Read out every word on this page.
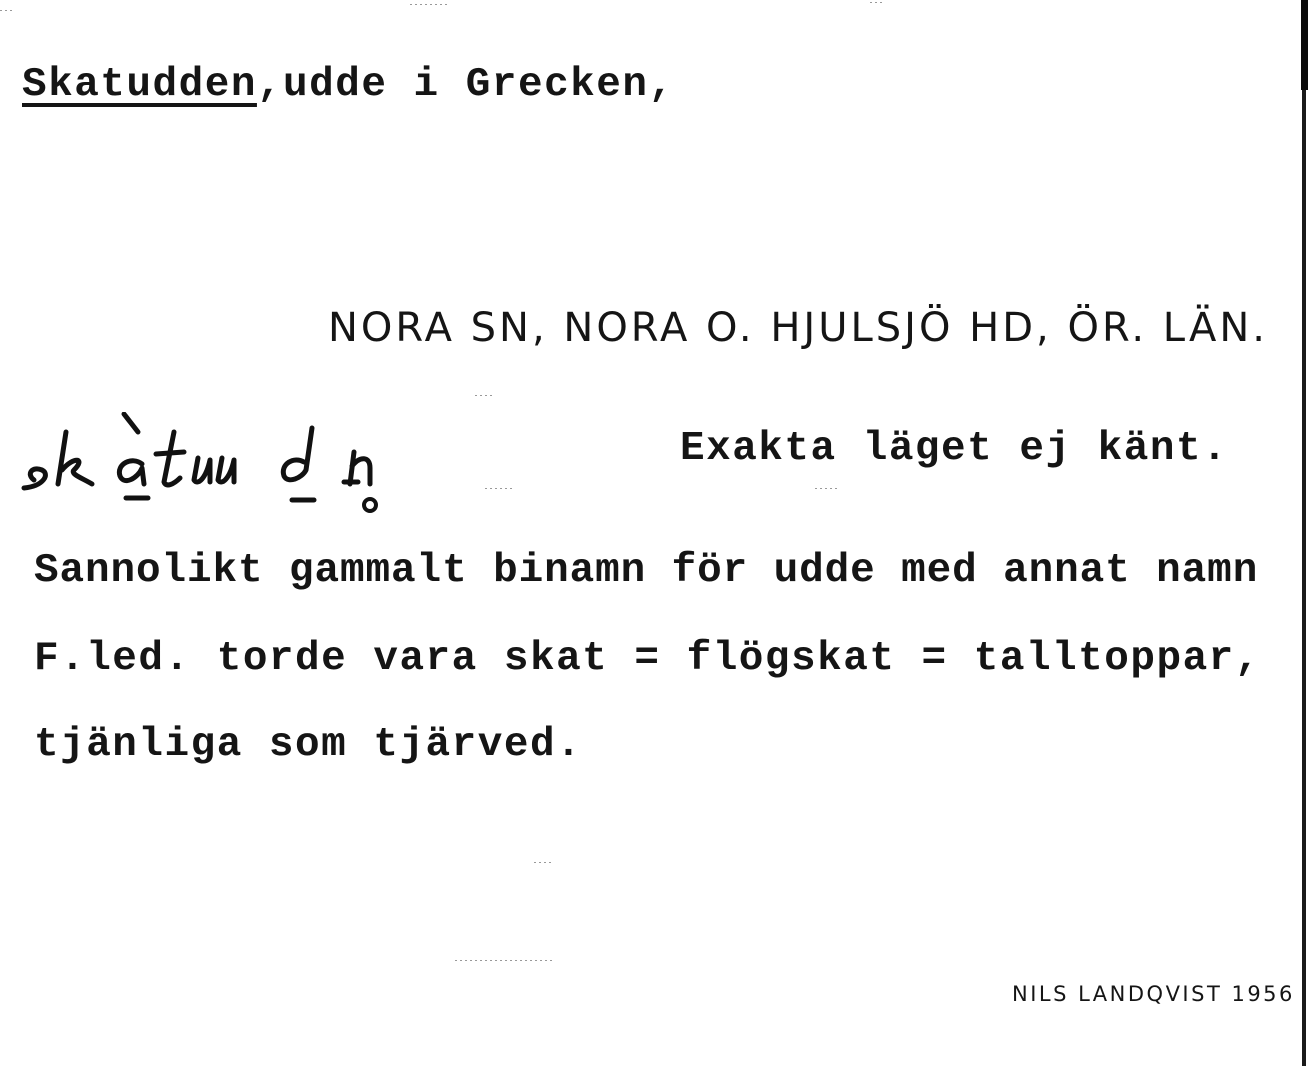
Skatudden,udde i Grecken,
NORA SN, NORA O. HJULSJÖ HD, ÖR. LÄN.
Exakta läget ej känt.
Sannolikt gammalt binamn för udde med annat namn
F.led. torde vara skat = flögskat = talltoppar,
tjänliga som tjärved.
NILS LANDQVIST 1956
